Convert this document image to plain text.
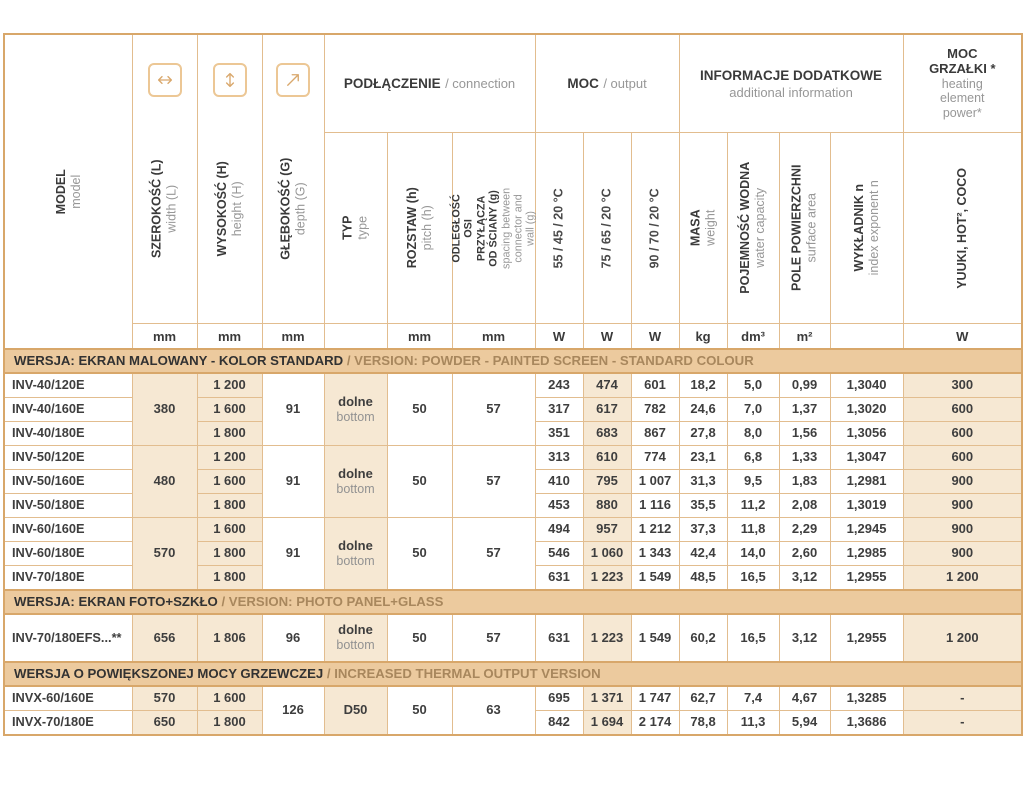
MODEL model	SZEROKOŚĆ (L) width (L)	WYSOKOŚĆ (H) height (H)	GŁĘBOKOŚĆ (G) depth (G)	PODŁĄCZENIE / connection			MOC / output			INFORMACJE DODATKOWE
additional information				MOC GRZAŁKI *
heating element power*

				TYP type	ROZSTAW (h) pitch (h)	ODLEGŁOŚĆ OSI PRZYŁĄCZA OD ŚCIANY (g) spacing between connector and wall (g)	55 / 45 / 20 °C	75 / 65 / 20 °C	90 / 70 / 20 °C	MASA weight	POJEMNOŚĆ WODNA water capacity	POLE POWIERZCHNI surface area	WYKŁADNIK n index exponent n	YUUKI, HOT², COCO

	mm	mm	mm		mm	mm	W	W	W	kg	dm³	m²		W
WERSJA: EKRAN MALOWANY - KOLOR STANDARD / VERSION: POWDER - PAINTED SCREEN - STANDARD COLOUR														
INV-40/120E	380	1 200	91	dolne
bottom	50	57	243	474	601	18,2	5,0	0,99	1,3040	300
INV-40/160E		1 600					317	617	782	24,6	7,0	1,37	1,3020	600
INV-40/180E		1 800					351	683	867	27,8	8,0	1,56	1,3056	600
INV-50/120E	480	1 200	91	dolne
bottom	50	57	313	610	774	23,1	6,8	1,33	1,3047	600
INV-50/160E		1 600					410	795	1 007	31,3	9,5	1,83	1,2981	900
INV-50/180E		1 800					453	880	1 116	35,5	11,2	2,08	1,3019	900
INV-60/160E	570	1 600	91	dolne
bottom	50	57	494	957	1 212	37,3	11,8	2,29	1,2945	900
INV-60/180E		1 800					546	1 060	1 343	42,4	14,0	2,60	1,2985	900
INV-70/180E		1 800					631	1 223	1 549	48,5	16,5	3,12	1,2955	1 200
WERSJA: EKRAN FOTO+SZKŁO / VERSION: PHOTO PANEL+GLASS														
INV-70/180EFS...**	656	1 806	96	dolne
bottom	50	57	631	1 223	1 549	60,2	16,5	3,12	1,2955	1 200
WERSJA O POWIĘKSZONEJ MOCY GRZEWCZEJ / INCREASED THERMAL OUTPUT VERSION														
INVX-60/160E	570	1 600	126	D50	50	63	695	1 371	1 747	62,7	7,4	4,67	1,3285	-
INVX-70/180E	650	1 800					842	1 694	2 174	78,8	11,3	5,94	1,3686	-
